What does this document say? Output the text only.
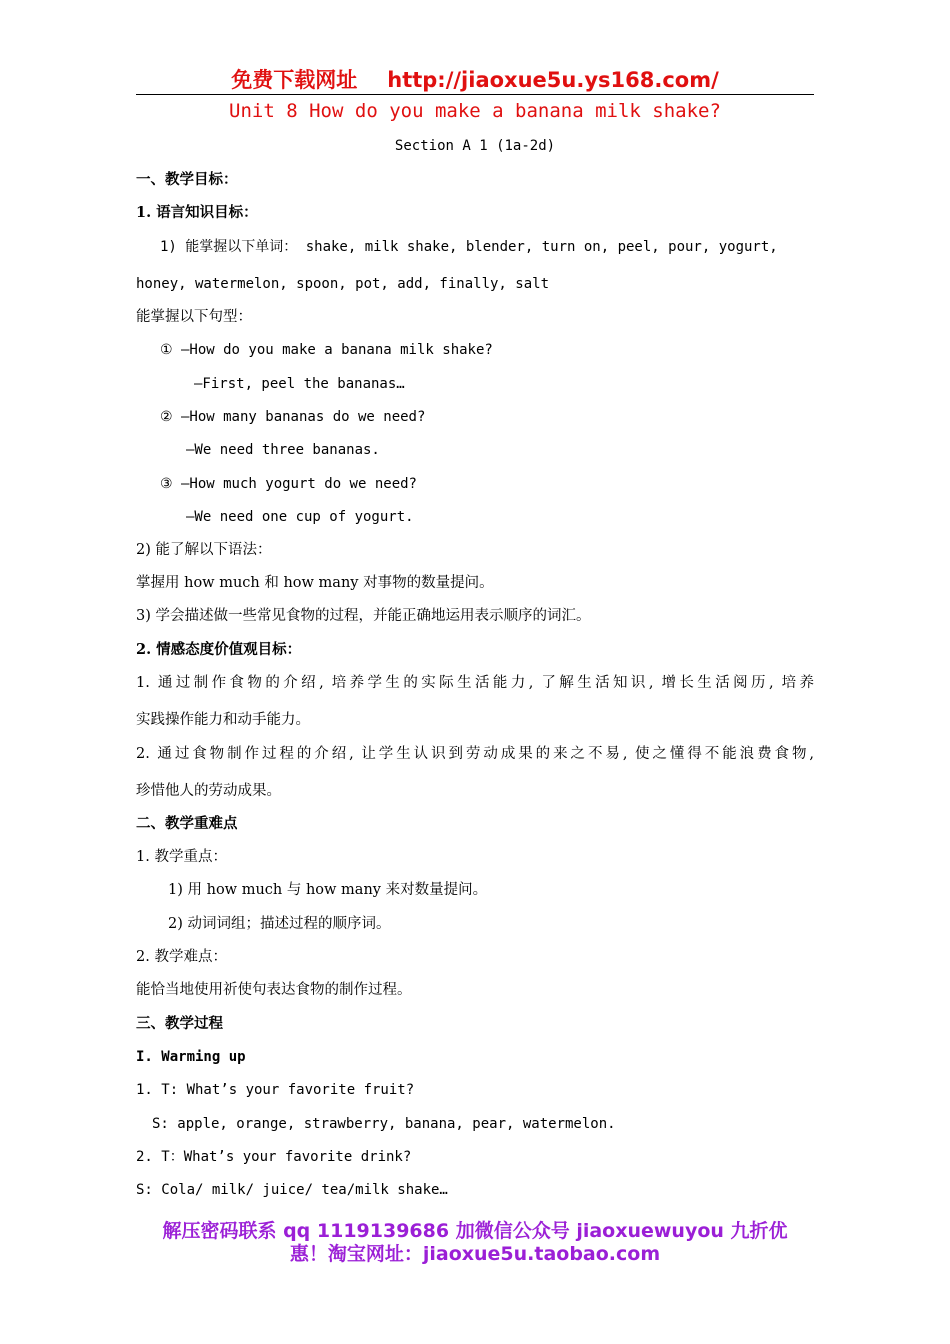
免费下载网址 http://jiaoxue5u.ys168.com/
Unit 8 How do you make a banana milk shake?
Section A 1 (1a-2d)
一、教学目标：
1. 语言知识目标：
1) 能掌握以下单词： shake, milk shake, blender, turn on, peel, pour, yogurt,
honey, watermelon, spoon, pot, add, finally, salt
能掌握以下句型：
① —How do you make a banana milk shake?
—First, peel the bananas…
② —How many bananas do we need?
—We need three bananas.
③ —How much yogurt do we need?
—We need one cup of yogurt.
2) 能了解以下语法：
掌握用 how much 和 how many 对事物的数量提问。
3) 学会描述做一些常见食物的过程，并能正确地运用表示顺序的词汇。
2. 情感态度价值观目标：
1. 通过制作食物的介绍, 培养学生的实际生活能力, 了解生活知识, 增长生活阅历, 培养
实践操作能力和动手能力。
2. 通过食物制作过程的介绍, 让学生认识到劳动成果的来之不易, 使之懂得不能浪费食物,
珍惜他人的劳动成果。
二、教学重难点
1. 教学重点：
1) 用 how much 与 how many 来对数量提问。
2) 动词词组；描述过程的顺序词。
2. 教学难点：
能恰当地使用祈使句表达食物的制作过程。
三、教学过程
I. Warming up
1. T: What’s your favorite fruit?
S: apple, orange, strawberry, banana, pear, watermelon.
2. T：What’s your favorite drink?
S: Cola/ milk/ juice/ tea/milk shake…
解压密码联系 qq 1119139686 加微信公众号 jiaoxuewuyou 九折优
惠！淘宝网址：jiaoxue5u.taobao.com
